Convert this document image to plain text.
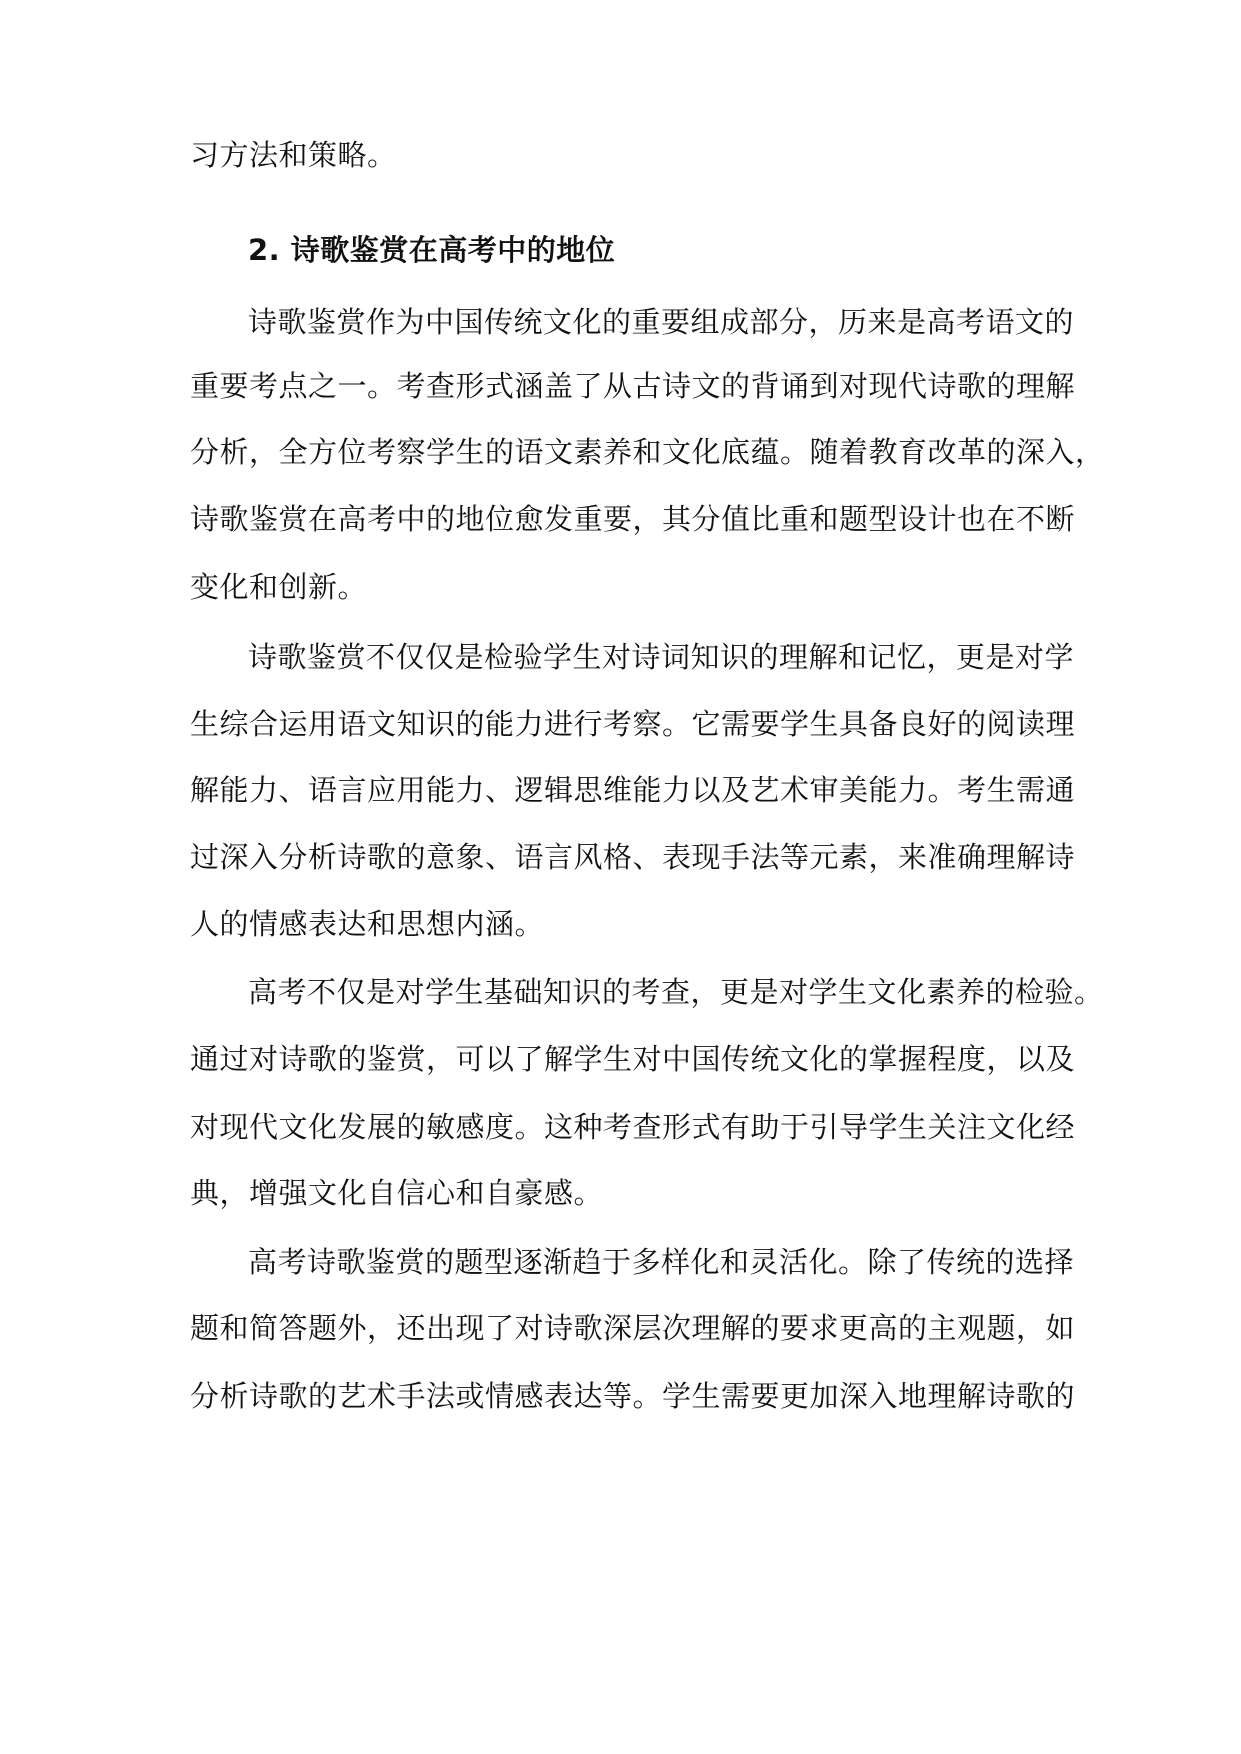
习方法和策略。
2. 诗歌鉴赏在高考中的地位
诗歌鉴赏作为中国传统文化的重要组成部分，历来是高考语文的
重要考点之一。考查形式涵盖了从古诗文的背诵到对现代诗歌的理解
分析，全方位考察学生的语文素养和文化底蕴。随着教育改革的深入，
诗歌鉴赏在高考中的地位愈发重要，其分值比重和题型设计也在不断
变化和创新。
诗歌鉴赏不仅仅是检验学生对诗词知识的理解和记忆，更是对学
生综合运用语文知识的能力进行考察。它需要学生具备良好的阅读理
解能力、语言应用能力、逻辑思维能力以及艺术审美能力。考生需通
过深入分析诗歌的意象、语言风格、表现手法等元素，来准确理解诗
人的情感表达和思想内涵。
高考不仅是对学生基础知识的考查，更是对学生文化素养的检验。
通过对诗歌的鉴赏，可以了解学生对中国传统文化的掌握程度，以及
对现代文化发展的敏感度。这种考查形式有助于引导学生关注文化经
典，增强文化自信心和自豪感。
高考诗歌鉴赏的题型逐渐趋于多样化和灵活化。除了传统的选择
题和简答题外，还出现了对诗歌深层次理解的要求更高的主观题，如
分析诗歌的艺术手法或情感表达等。学生需要更加深入地理解诗歌的
